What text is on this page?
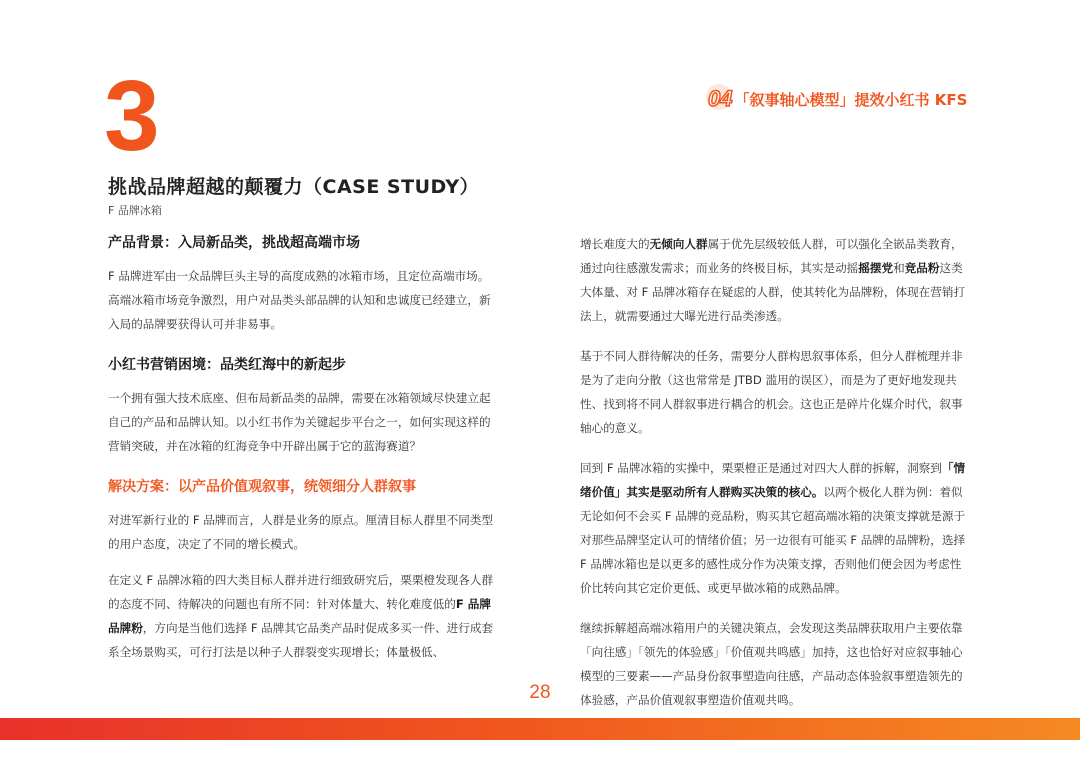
3	04 「叙事轴心模型」提效小红书 KFS
挑战品牌超越的颠覆力（CASE STUDY）
F 品牌冰箱
产品背景：入局新品类，挑战超高端市场

F 品牌进军由一众品牌巨头主导的高度成熟的冰箱市场，且定位高端市场。高端冰箱市场竞争激烈，用户对品类头部品牌的认知和忠诚度已经建立，新入局的品牌要获得认可并非易事。

小红书营销困境：品类红海中的新起步

一个拥有强大技术底座、但布局新品类的品牌，需要在冰箱领域尽快建立起自己的产品和品牌认知。以小红书作为关键起步平台之一，如何实现这样的营销突破，并在冰箱的红海竞争中开辟出属于它的蓝海赛道？

解决方案：以产品价值观叙事，统领细分人群叙事

对进军新行业的 F 品牌而言，人群是业务的原点。厘清目标人群里不同类型的用户态度，决定了不同的增长模式。

在定义 F 品牌冰箱的四大类目标人群并进行细致研究后，栗栗橙发现各人群的态度不同、待解决的问题也有所不同：针对体量大、转化难度低的F 品牌品牌粉，方向是当他们选择 F 品牌其它品类产品时促成多买一件、进行成套系全场景购买，可行打法是以种子人群裂变实现增长；体量极低、

增长难度大的无倾向人群属于优先层级较低人群，可以强化全嵌品类教育，通过向往感激发需求；而业务的终极目标，其实是动摇摇摆党和竞品粉这类大体量、对 F 品牌冰箱存在疑虑的人群，使其转化为品牌粉，体现在营销打法上，就需要通过大曝光进行品类渗透。

基于不同人群待解决的任务，需要分人群构思叙事体系，但分人群梳理并非是为了走向分散（这也常常是 JTBD 滥用的误区），而是为了更好地发现共性、找到将不同人群叙事进行耦合的机会。这也正是碎片化媒介时代，叙事轴心的意义。

回到 F 品牌冰箱的实操中，栗栗橙正是通过对四大人群的拆解，洞察到「情绪价值」其实是驱动所有人群购买决策的核心。以两个极化人群为例：着似无论如何不会买 F 品牌的竞品粉，购买其它超高端冰箱的决策支撑就是源于对那些品牌坚定认可的情绪价值；另一边很有可能买 F 品牌的品牌粉，选择 F 品牌冰箱也是以更多的感性成分作为决策支撑，否则他们便会因为考虑性价比转向其它定价更低、或更早做冰箱的成熟品牌。

继续拆解超高端冰箱用户的关键决策点，会发现这类品牌获取用户主要依靠「向往感」「领先的体验感」「价值观共鸣感」加持，这也恰好对应叙事轴心模型的三要素——产品身份叙事塑造向往感，产品动态体验叙事塑造领先的体验感，产品价值观叙事塑造价值观共鸣。

28
